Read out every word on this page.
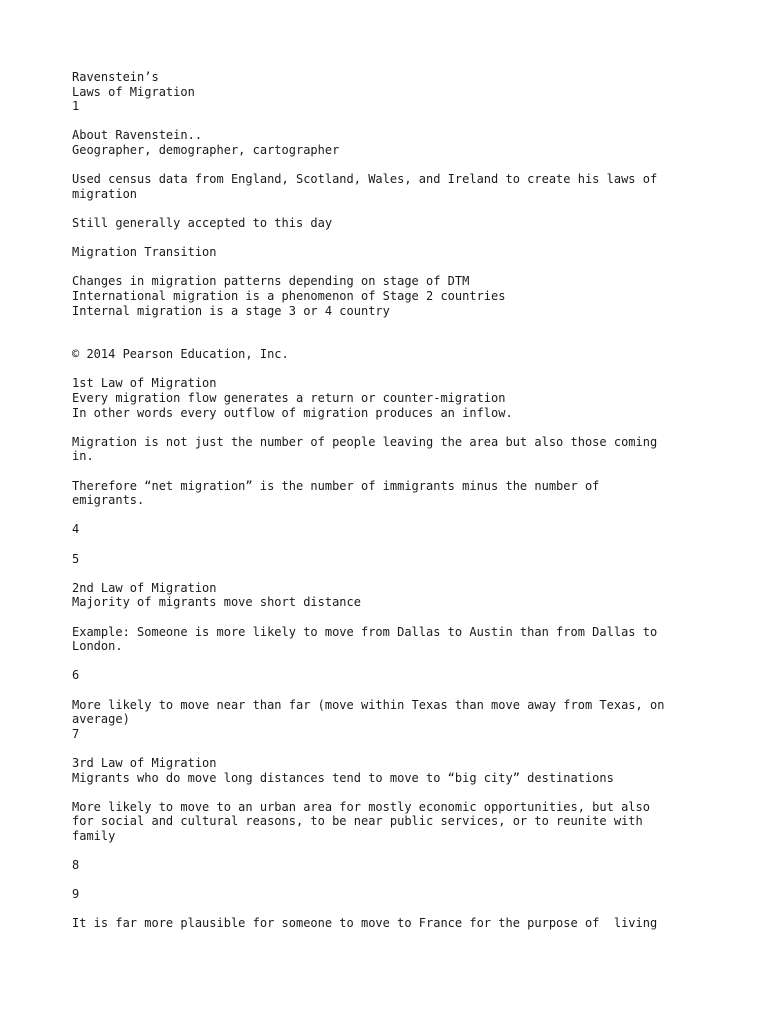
Ravenstein’s
Laws of Migration
1
About Ravenstein..
Geographer, demographer, cartographer
Used census data from England, Scotland, Wales, and Ireland to create his laws of
migration
Still generally accepted to this day
Migration Transition
Changes in migration patterns depending on stage of DTM
International migration is a phenomenon of Stage 2 countries
Internal migration is a stage 3 or 4 country
© 2014 Pearson Education, Inc.
1st Law of Migration
Every migration flow generates a return or counter-migration
In other words every outflow of migration produces an inflow.
Migration is not just the number of people leaving the area but also those coming
in.
Therefore “net migration” is the number of immigrants minus the number of
emigrants.
4
5
2nd Law of Migration
Majority of migrants move short distance
Example: Someone is more likely to move from Dallas to Austin than from Dallas to
London.
6
More likely to move near than far (move within Texas than move away from Texas, on
average)
7
3rd Law of Migration
Migrants who do move long distances tend to move to “big city” destinations
More likely to move to an urban area for mostly economic opportunities, but also
for social and cultural reasons, to be near public services, or to reunite with
family
8
9
It is far more plausible for someone to move to France for the purpose of  living
